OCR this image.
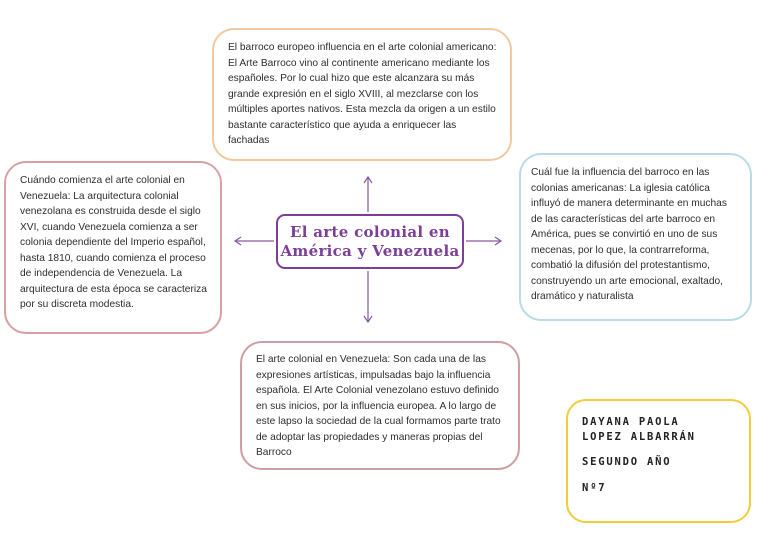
El barroco europeo influencia en el arte colonial americano: El Arte Barroco vino al continente americano mediante los españoles. Por lo cual hizo que este alcanzara su más grande expresión en el siglo XVIII, al mezclarse con los múltiples aportes nativos. Esta mezcla da origen a un estilo bastante característico que ayuda a enriquecer las fachadas

Cuándo comienza el arte colonial en Venezuela: La arquitectura colonial venezolana es construida desde el siglo XVI, cuando Venezuela comienza a ser colonia dependiente del Imperio español, hasta 1810, cuando comienza el proceso de independencia de Venezuela. La arquitectura de esta época se caracteriza por su discreta modestia.

Cuál fue la influencia del barroco en las colonias americanas: La iglesia católica influyó de manera determinante en muchas de las características del arte barroco en América, pues se convirtió en uno de sus mecenas, por lo que, la contrarreforma, combatió la difusión del protestantismo, construyendo un arte emocional, exaltado, dramático y naturalista

El arte colonial en Venezuela: Son cada una de las expresiones artísticas, impulsadas bajo la influencia española. El Arte Colonial venezolano estuvo definido en sus inicios, por la influencia europea. A lo largo de este lapso la sociedad de la cual formamos parte trato de adoptar las propiedades y maneras propias del Barroco

El arte colonial en
América y Venezuela
DAYANA PAOLA
LOPEZ ALBARRÁN
SEGUNDO AÑO
Nº7
